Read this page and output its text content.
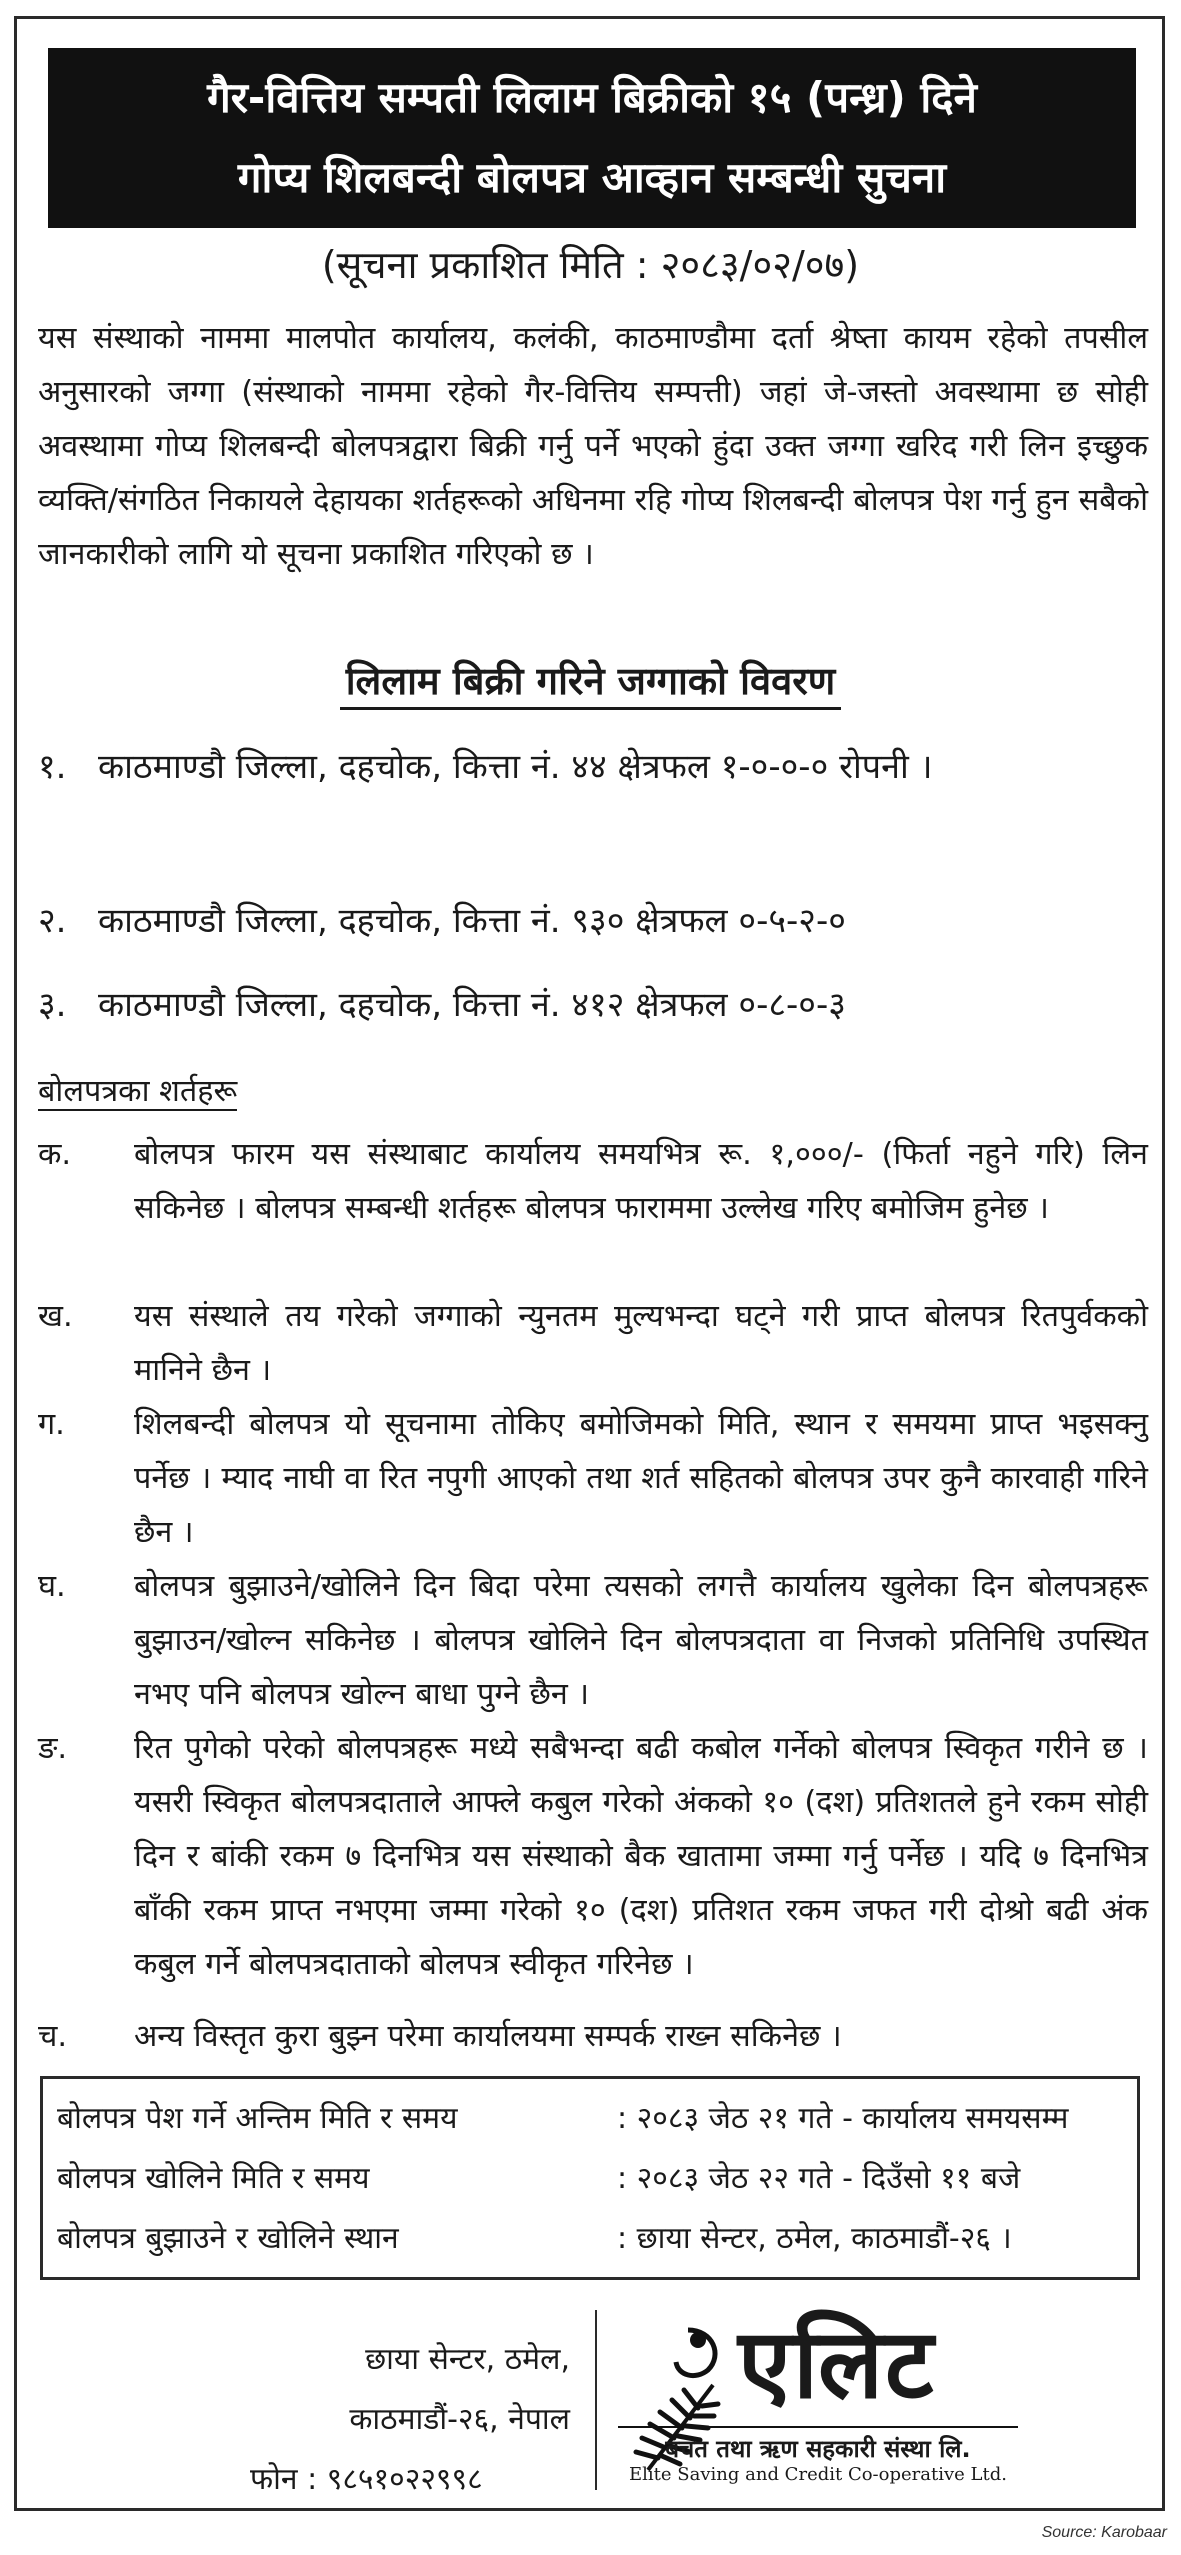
गैर-वित्तिय सम्पती लिलाम बिक्रीको १५ (पन्ध्र) दिने
गोप्य शिलबन्दी बोलपत्र आव्हान सम्बन्धी सुचना
(सूचना प्रकाशित मिति : २०८३/०२/०७)
यस संस्थाको नाममा मालपोत कार्यालय, कलंकी, काठमाण्डौमा दर्ता श्रेष्ता कायम रहेको तपसील अनुसारको जग्गा (संस्थाको नाममा रहेको गैर-वित्तिय सम्पत्ती) जहां जे-जस्तो अवस्थामा छ सोही अवस्थामा गोप्य शिलबन्दी बोलपत्रद्वारा बिक्री गर्नु पर्ने भएको हुंदा उक्त जग्गा खरिद गरी लिन इच्छुक व्यक्ति/संगठित निकायले देहायका शर्तहरूको अधिनमा रहि गोप्य शिलबन्दी बोलपत्र पेश गर्नु हुन सबैको जानकारीको लागि यो सूचना प्रकाशित गरिएको छ ।
लिलाम बिक्री गरिने जग्गाको विवरण
१. काठमाण्डौ जिल्ला, दहचोक, कित्ता नं. ४४ क्षेत्रफल १-०-०-० रोपनी ।
२. काठमाण्डौ जिल्ला, दहचोक, कित्ता नं. ९३० क्षेत्रफल ०-५-२-०
३. काठमाण्डौ जिल्ला, दहचोक, कित्ता नं. ४१२ क्षेत्रफल ०-८-०-३
बोलपत्रका शर्तहरू
क.	बोलपत्र फारम यस संस्थाबाट कार्यालय समयभित्र रू. १,०००/- (फिर्ता नहुने गरि) लिन सकिनेछ । बोलपत्र सम्बन्धी शर्तहरू बोलपत्र फाराममा उल्लेख गरिए बमोजिम हुनेछ ।
ख.	यस संस्थाले तय गरेको जग्गाको न्युनतम मुल्यभन्दा घट्ने गरी प्राप्त बोलपत्र रितपुर्वकको मानिने छैन ।
ग.	शिलबन्दी बोलपत्र यो सूचनामा तोकिए बमोजिमको मिति, स्थान र समयमा प्राप्त भइसक्नु पर्नेछ । म्याद नाघी वा रित नपुगी आएको तथा शर्त सहितको बोलपत्र उपर कुनै कारवाही गरिने छैन ।
घ.	बोलपत्र बुझाउने/खोलिने दिन बिदा परेमा त्यसको लगत्तै कार्यालय खुलेका दिन बोलपत्रहरू बुझाउन/खोल्न सकिनेछ । बोलपत्र खोलिने दिन बोलपत्रदाता वा निजको प्रतिनिधि उपस्थित नभए पनि बोलपत्र खोल्न बाधा पुग्ने छैन ।
ङ.	रित पुगेको परेको बोलपत्रहरू मध्ये सबैभन्दा बढी कबोल गर्नेको बोलपत्र स्विकृत गरीने छ । यसरी स्विकृत बोलपत्रदाताले आफ्ले कबुल गरेको अंकको १० (दश) प्रतिशतले हुने रकम सोही दिन र बांकी रकम ७ दिनभित्र यस संस्थाको बैक खातामा जम्मा गर्नु पर्नेछ । यदि ७ दिनभित्र बाँकी रकम प्राप्त नभएमा जम्मा गरेको १० (दश) प्रतिशत रकम जफत गरी दोश्रो बढी अंक कबुल गर्ने बोलपत्रदाताको बोलपत्र स्वीकृत गरिनेछ ।
च.	अन्य विस्तृत कुरा बुझ्न परेमा कार्यालयमा सम्पर्क राख्न सकिनेछ ।
बोलपत्र पेश गर्ने अन्तिम मिति र समय	: २०८३ जेठ २१ गते - कार्यालय समयसम्म
बोलपत्र खोलिने मिति र समय	: २०८३ जेठ २२ गते - दिउँसो ११ बजे
बोलपत्र बुझाउने र खोलिने स्थान	: छाया सेन्टर, ठमेल, काठमाडौं-२६ ।
छाया सेन्टर, ठमेल,
काठमाडौं-२६, नेपाल
फोन : ९८५१०२२९९८
एलिट
बचत तथा ऋण सहकारी संस्था लि.
Elite Saving and Credit Co-operative Ltd.
Source: Karobaar
